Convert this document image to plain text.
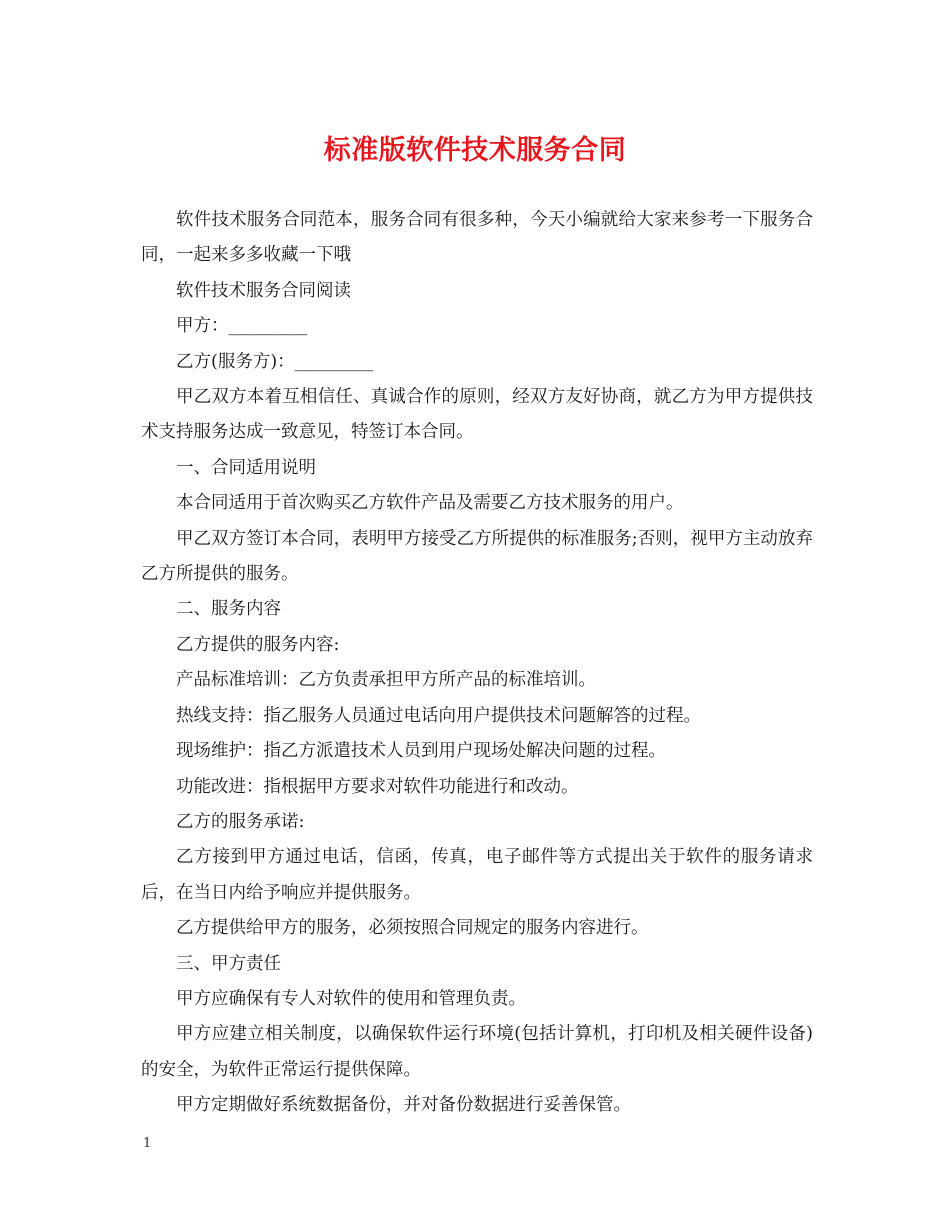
标准版软件技术服务合同

软件技术服务合同范本，服务合同有很多种，今天小编就给大家来参考一下服务合同，一起来多多收藏一下哦

软件技术服务合同阅读

甲方：_________

乙方(服务方)：_________

甲乙双方本着互相信任、真诚合作的原则，经双方友好协商，就乙方为甲方提供技术支持服务达成一致意见，特签订本合同。

一、合同适用说明

本合同适用于首次购买乙方软件产品及需要乙方技术服务的用户。

甲乙双方签订本合同，表明甲方接受乙方所提供的标准服务;否则，视甲方主动放弃乙方所提供的服务。

二、服务内容

乙方提供的服务内容:

产品标准培训：乙方负责承担甲方所产品的标准培训。

热线支持：指乙服务人员通过电话向用户提供技术问题解答的过程。

现场维护：指乙方派遣技术人员到用户现场处解决问题的过程。

功能改进：指根据甲方要求对软件功能进行和改动。

乙方的服务承诺:

乙方接到甲方通过电话，信函，传真，电子邮件等方式提出关于软件的服务请求后，在当日内给予响应并提供服务。

乙方提供给甲方的服务，必须按照合同规定的服务内容进行。

三、甲方责任

甲方应确保有专人对软件的使用和管理负责。

甲方应建立相关制度，以确保软件运行环境(包括计算机，打印机及相关硬件设备)的安全，为软件正常运行提供保障。

甲方定期做好系统数据备份，并对备份数据进行妥善保管。

1
